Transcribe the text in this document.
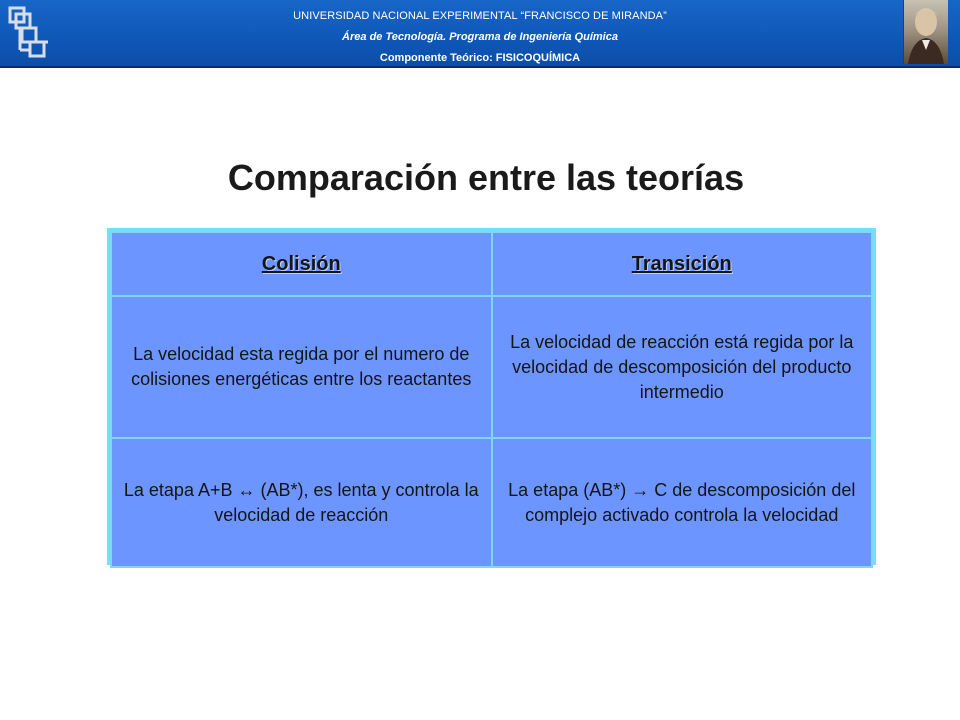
UNIVERSIDAD NACIONAL EXPERIMENTAL “FRANCISCO DE MIRANDA”
Área de Tecnología. Programa de Ingeniería Química
Componente Teórico: FISICOQUÍMICA
Comparación entre las teorías
Colisión	Transición
La velocidad esta regida por el numero de colisiones energéticas entre los reactantes	La velocidad de reacción está regida por la velocidad de descomposición del producto intermedio
La etapa A+B ↔ (AB*), es lenta y controla la velocidad de reacción	La etapa (AB*) → C de descomposición del complejo activado controla la velocidad
